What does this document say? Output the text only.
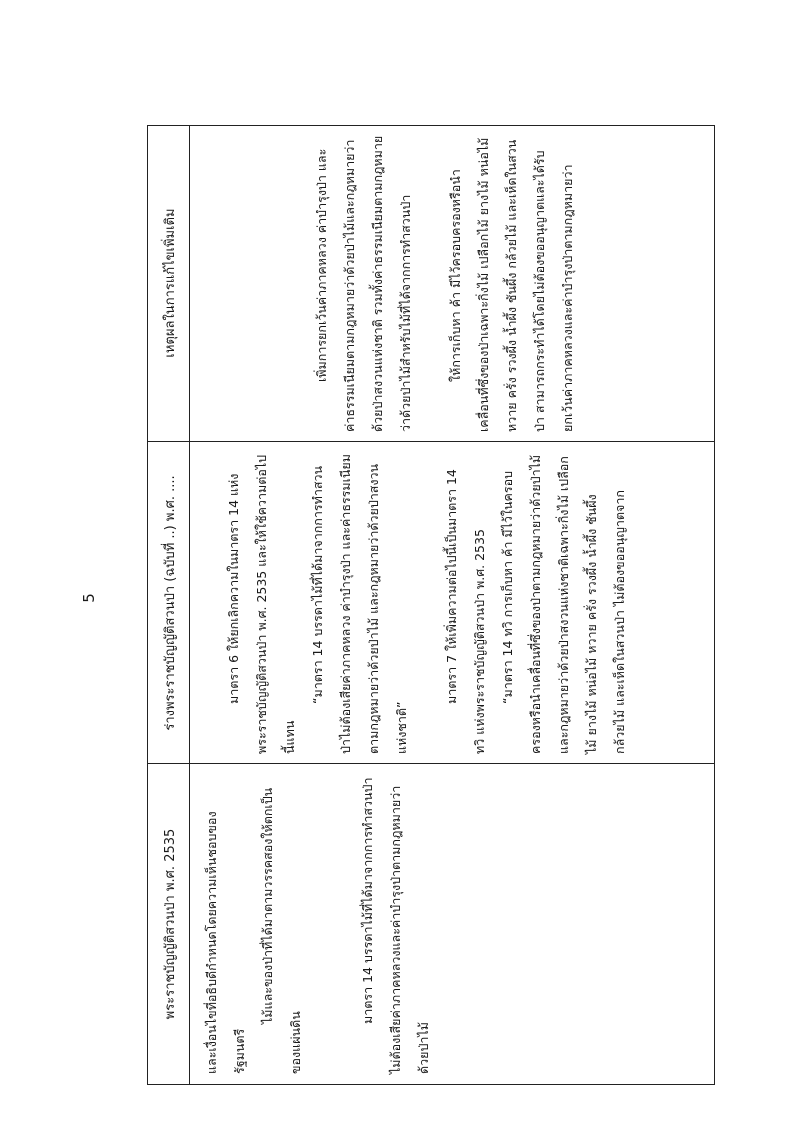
5
พระราชบัญญัติสวนป่า พ.ศ. 2535
ร่างพระราชบัญญัติสวนป่า (ฉบับที่ ..) พ.ศ. ....
เหตุผลในการแก้ไขเพิ่มเติม

และเงื่อนไขที่อธิบดีกำหนดโดยความเห็นชอบของรัฐมนตรี

ไม้และของป่าที่ได้มาตามวรรคสองให้ตกเป็นของแผ่นดิน

มาตรา 14 บรรดาไม้ที่ได้มาจากการทำสวนป่าไม่ต้องเสียค่าภาคหลวงและค่าบำรุงป่าตามกฎหมายว่าด้วยป่าไม้

มาตรา 6 ให้ยกเลิกความในมาตรา 14 แห่งพระราชบัญญัติสวนป่า พ.ศ. 2535 และให้ใช้ความต่อไปนี้แทน

“มาตรา 14 บรรดาไม้ที่ได้มาจากการทำสวนป่าไม่ต้องเสียค่าภาคหลวง ค่าบำรุงป่า และค่าธรรมเนียม ตามกฎหมายว่าด้วยป่าไม้ และกฎหมายว่าด้วยป่าสงวนแห่งชาติ”

มาตรา 7 ให้เพิ่มความต่อไปนี้เป็นมาตรา 14 ทวิ แห่งพระราชบัญญัติสวนป่า พ.ศ. 2535	“มาตรา 14 ทวิ การเก็บหา ค้า มีไว้ในครอบครองหรือนำเคลื่อนที่ซึ่งของป่าตามกฎหมายว่าด้วยป่าไม้และกฎหมายว่าด้วยป่าสงวนแห่งชาติเฉพาะกิ่งไม้ เปลือกไม้ ยางไม้ หน่อไม้ หวาย ครั่ง รวงผึ้ง น้ำผึ้ง ชันผึ้ง กล้วยไม้ และเห็ดในสวนป่า ไม่ต้องขออนุญาตจาก

เพิ่มการยกเว้นค่าภาคหลวง ค่าบำรุงป่า และค่าธรรมเนียมตามกฎหมายว่าด้วยป่าไม้และกฎหมายว่าด้วยป่าสงวนแห่งชาติ รวมทั้งค่าธรรมเนียมตามกฎหมายว่าด้วยป่าไม้สำหรับไม้ที่ได้จากการทำสวนป่า	ให้การเก็บหา ค้า มีไว้ครอบครองหรือนำเคลื่อนที่ซึ่งของป่าเฉพาะกิ่งไม้ เปลือกไม้ ยางไม้ หน่อไม้ หวาย ครั่ง รวงผึ้ง น้ำผึ้ง ชันผึ้ง กล้วยไม้ และเห็ดในสวนป่า สามารถกระทำได้โดยไม่ต้องขออนุญาตและได้รับยกเว้นค่าภาคหลวงและค่าบำรุงป่าตามกฎหมายว่า
